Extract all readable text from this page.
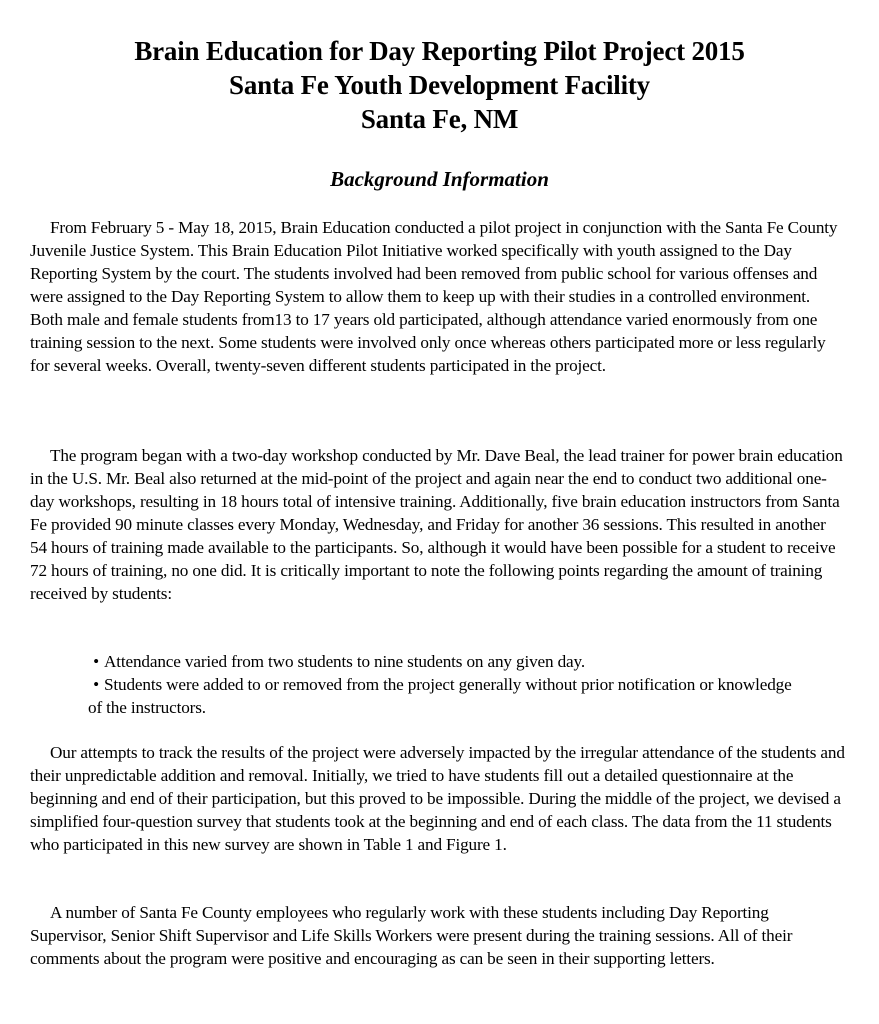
Brain Education for Day Reporting Pilot Project 2015
Santa Fe Youth Development Facility
Santa Fe, NM
Background Information

From February 5 - May 18, 2015, Brain Education conducted a pilot project in conjunction with the Santa Fe County Juvenile Justice System. This Brain Education Pilot Initiative worked specifically with youth assigned to the Day Reporting System by the court. The students involved had been removed from public school for various offenses and were assigned to the Day Reporting System to allow them to keep up with their studies in a controlled environment. Both male and female students from13 to 17 years old participated, although attendance varied enormously from one training session to the next. Some students were involved only once whereas others participated more or less regularly for several weeks. Overall, twenty-seven different students participated in the project.

The program began with a two-day workshop conducted by Mr. Dave Beal, the lead trainer for power brain education in the U.S. Mr. Beal also returned at the mid-point of the project and again near the end to conduct two additional one-day workshops, resulting in 18 hours total of intensive training. Additionally, five brain education instructors from Santa Fe provided 90 minute classes every Monday, Wednesday, and Friday for another 36 sessions. This resulted in another 54 hours of training made available to the participants. So, although it would have been possible for a student to receive 72 hours of training, no one did. It is critically important to note the following points regarding the amount of training received by students:

• Attendance varied from two students to nine students on any given day.
• Students were added to or removed from the project generally without prior notification or knowledge of the instructors.

Our attempts to track the results of the project were adversely impacted by the irregular attendance of the students and their unpredictable addition and removal. Initially, we tried to have students fill out a detailed questionnaire at the beginning and end of their participation, but this proved to be impossible. During the middle of the project, we devised a simplified four-question survey that students took at the beginning and end of each class. The data from the 11 students who participated in this new survey are shown in Table 1 and Figure 1.

A number of Santa Fe County employees who regularly work with these students including Day Reporting Supervisor, Senior Shift Supervisor and Life Skills Workers were present during the training sessions. All of their comments about the program were positive and encouraging as can be seen in their supporting letters.
